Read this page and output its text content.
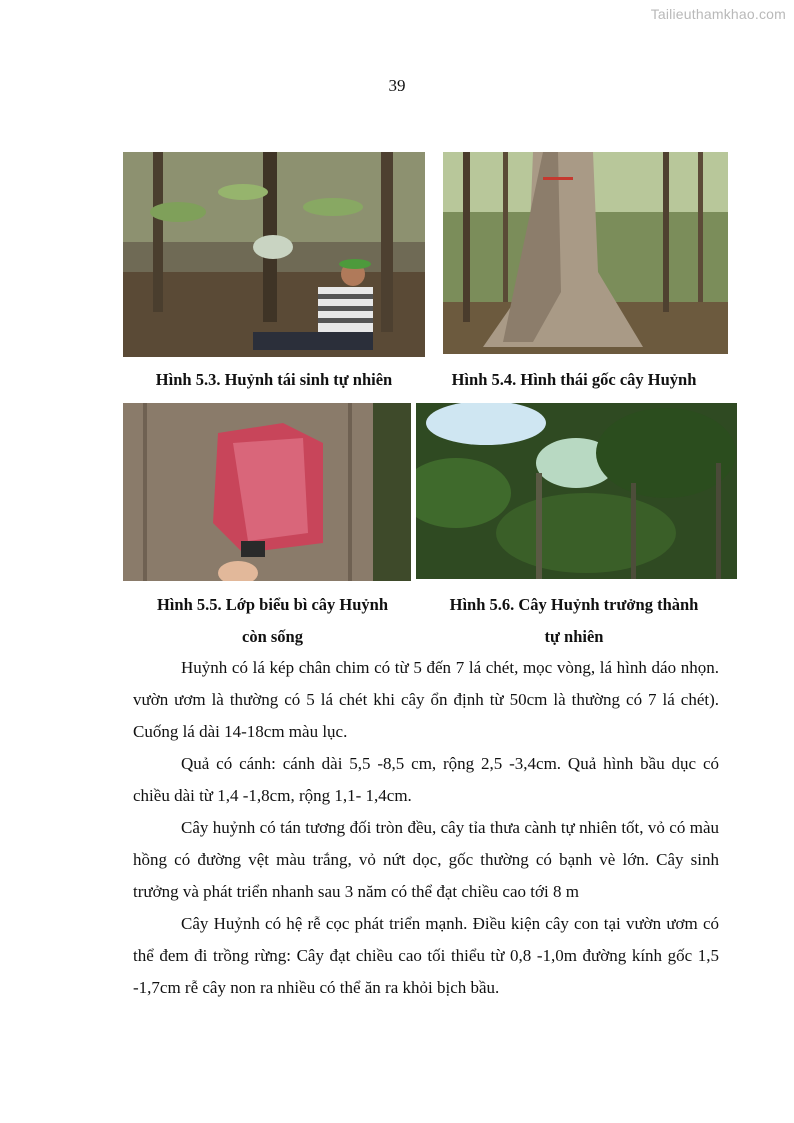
Tailieuthamkhao.com
39
Hình 5.3. Huỷnh tái sinh tự nhiên	Hình 5.4. Hình thái gốc cây Huỷnh
Hình 5.5. Lớp biểu bì cây Huỷnh
còn sống
Hình 5.6. Cây Huỷnh trưởng thành
tự nhiên

Huỷnh có lá kép chân chim có từ 5 đến 7 lá chét, mọc vòng, lá hình dáo nhọn. vườn ươm là thường có 5 lá chét khi cây ổn định từ 50cm là thường có 7 lá chét). Cuống lá dài 14-18cm màu lục.

Quả có cánh: cánh dài 5,5 -8,5 cm, rộng 2,5 -3,4cm. Quả hình bầu dục có chiều dài từ 1,4 -1,8cm, rộng 1,1- 1,4cm.

Cây huỷnh có tán tương đối tròn đều, cây tỉa thưa cành tự nhiên tốt, vỏ có màu hồng có đường vệt màu trắng, vỏ nứt dọc, gốc thường có bạnh vè lớn. Cây sinh trưởng và phát triển nhanh sau 3 năm có thể đạt chiều cao tới 8 m

Cây Huỷnh có hệ rễ cọc phát triển mạnh. Điều kiện cây con tại vườn ươm có thể đem đi trồng rừng: Cây đạt chiều cao tối thiểu từ 0,8 -1,0m đường kính gốc 1,5 -1,7cm rễ cây non ra nhiều có thể ăn ra khỏi bịch bầu.
